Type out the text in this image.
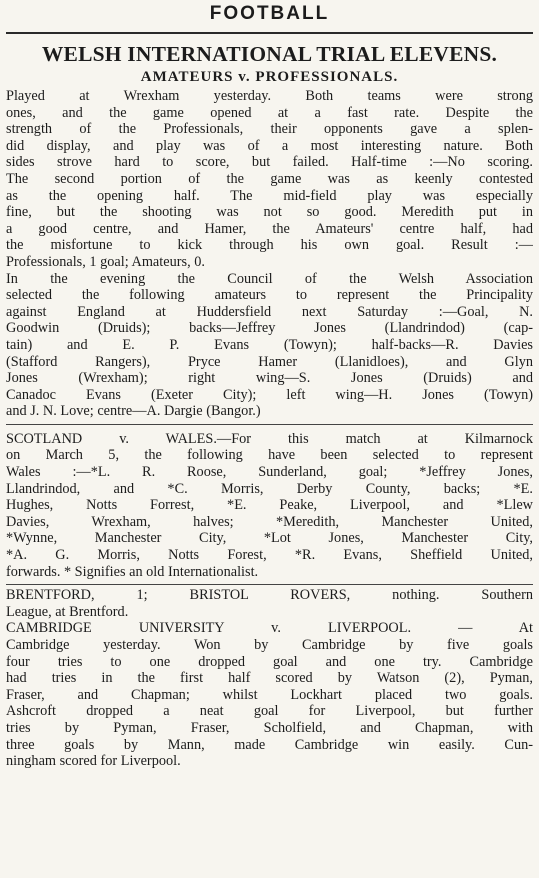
FOOTBALL
WELSH INTERNATIONAL TRIAL ELEVENS.
AMATEURS v. PROFESSIONALS.
Played at Wrexham yesterday. Both teams were strong
ones, and the game opened at a fast rate. Despite the
strength of the Professionals, their opponents gave a splen-
did display, and play was of a most interesting nature. Both
sides strove hard to score, but failed. Half-time :—No scoring.
The second portion of the game was as keenly contested
as the opening half. The mid-field play was especially
fine, but the shooting was not so good. Meredith put in
a good centre, and Hamer, the Amateurs' centre half, had
the misfortune to kick through his own goal. Result :—
Professionals, 1 goal; Amateurs, 0.
In the evening the Council of the Welsh Association
selected the following amateurs to represent the Principality
against England at Huddersfield next Saturday :—Goal, N.
Goodwin (Druids); backs—Jeffrey Jones (Llandrindod) (cap-
tain) and E. P. Evans (Towyn); half-backs—R. Davies
(Stafford Rangers), Pryce Hamer (Llanidloes), and Glyn
Jones (Wrexham); right wing—S. Jones (Druids) and
Canadoc Evans (Exeter City); left wing—H. Jones (Towyn)
and J. N. Love; centre—A. Dargie (Bangor.)
SCOTLAND v. WALES.—For this match at Kilmarnock
on March 5, the following have been selected to represent
Wales :—*L. R. Roose, Sunderland, goal; *Jeffrey Jones,
Llandrindod, and *C. Morris, Derby County, backs; *E.
Hughes, Notts Forrest, *E. Peake, Liverpool, and *Llew
Davies, Wrexham, halves; *Meredith, Manchester United,
*Wynne, Manchester City, *Lot Jones, Manchester City,
*A. G. Morris, Notts Forest, *R. Evans, Sheffield United,
forwards. * Signifies an old Internationalist.
BRENTFORD, 1; BRISTOL ROVERS, nothing. Southern
League, at Brentford.
CAMBRIDGE UNIVERSITY v. LIVERPOOL. — At
Cambridge yesterday. Won by Cambridge by five goals
four tries to one dropped goal and one try. Cambridge
had tries in the first half scored by Watson (2), Pyman,
Fraser, and Chapman; whilst Lockhart placed two goals.
Ashcroft dropped a neat goal for Liverpool, but further
tries by Pyman, Fraser, Scholfield, and Chapman, with
three goals by Mann, made Cambridge win easily. Cun-
ningham scored for Liverpool.
